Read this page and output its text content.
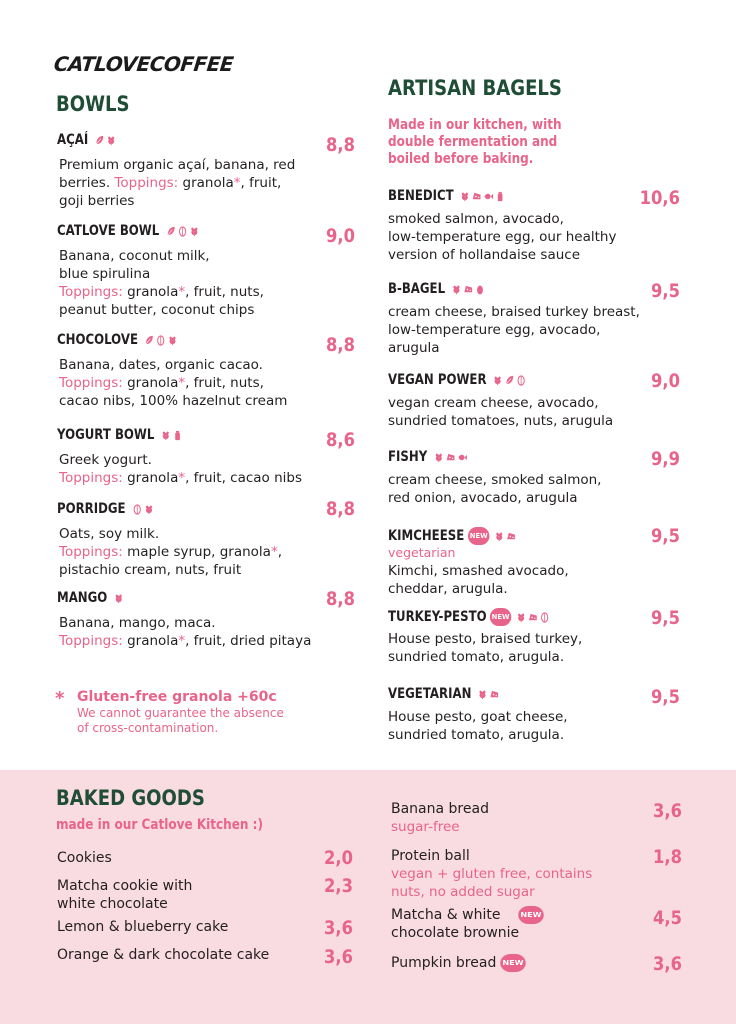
CATLOVECOFFEE
BOWLS
AÇAÍ	8,8
Premium organic açaí, banana, red
berries. Toppings: granola*, fruit,
goji berries
CATLOVE BOWL	9,0
Banana, coconut milk,
blue spirulina
Toppings: granola*, fruit, nuts,
peanut butter, coconut chips
CHOCOLOVE	8,8
Banana, dates, organic cacao.
Toppings: granola*, fruit, nuts,
cacao nibs, 100% hazelnut cream
YOGURT BOWL	8,6
Greek yogurt.
Toppings: granola*, fruit, cacao nibs
PORRIDGE	8,8
Oats, soy milk.
Toppings: maple syrup, granola*,
pistachio cream, nuts, fruit
MANGO	8,8
Banana, mango, maca.
Toppings: granola*, fruit, dried pitaya
* Gluten-free granola +60c
We cannot guarantee the absence
of cross-contamination.
ARTISAN BAGELS
Made in our kitchen, with
double fermentation and
boiled before baking.
BENEDICT	10,6
smoked salmon, avocado,
low-temperature egg, our healthy
version of hollandaise sauce
B-BAGEL	9,5
cream cheese, braised turkey breast,
low-temperature egg, avocado,
arugula
VEGAN POWER	9,0
vegan cream cheese, avocado,
sundried tomatoes, nuts, arugula
FISHY	9,9
cream cheese, smoked salmon,
red onion, avocado, arugula
KIMCHEESE NEW	9,5
vegetarian
Kimchi, smashed avocado,
cheddar, arugula.
TURKEY-PESTO NEW	9,5
House pesto, braised turkey,
sundried tomato, arugula.
VEGETARIAN	9,5
House pesto, goat cheese,
sundried tomato, arugula.
BAKED GOODS
made in our Catlove Kitchen :)
Cookies	2,0
Matcha cookie with
white chocolate
2,3
Lemon & blueberry cake	3,6
Orange & dark chocolate cake	3,6
Banana bread
sugar-free
3,6
Protein ball
vegan + gluten free, contains
nuts, no added sugar
1,8
Matcha & white	NEW
chocolate brownie
4,5
Pumpkin bread NEW	3,6
